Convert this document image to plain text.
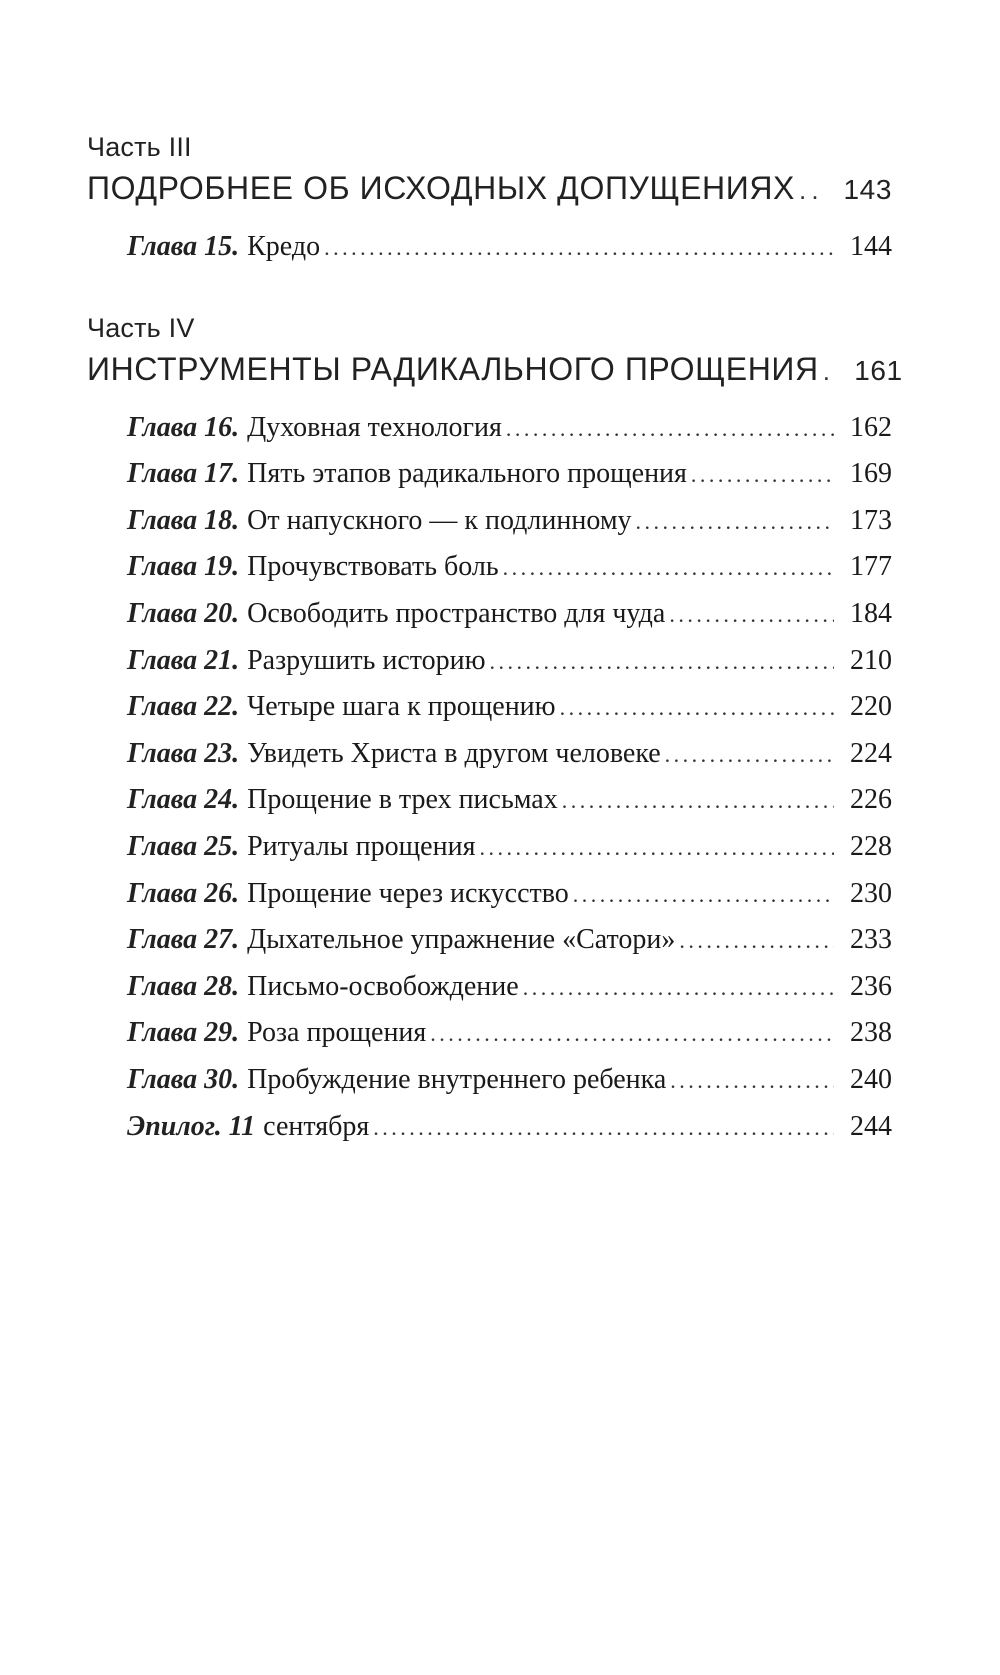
Часть III
ПОДРОБНЕЕ ОБ ИСХОДНЫХ ДОПУЩЕНИЯХ . . .	143
Глава 15. Кредо . . .	144
Часть IV
ИНСТРУМЕНТЫ РАДИКАЛЬНОГО ПРОЩЕНИЯ . . .	161
Глава 16. Духовная технология . . .	162
Глава 17. Пять этапов радикального прощения . . .	169
Глава 18. От напускного — к подлинному . . .	173
Глава 19. Прочувствовать боль . . .	177
Глава 20. Освободить пространство для чуда . . .	184
Глава 21. Разрушить историю . . .	210
Глава 22. Четыре шага к прощению . . .	220
Глава 23. Увидеть Христа в другом человеке . . .	224
Глава 24. Прощение в трех письмах . . .	226
Глава 25. Ритуалы прощения . . .	228
Глава 26. Прощение через искусство . . .	230
Глава 27. Дыхательное упражнение «Сатори» . . .	233
Глава 28. Письмо-освобождение . . .	236
Глава 29. Роза прощения . . .	238
Глава 30. Пробуждение внутреннего ребенка . . .	240
Эпилог. 11 сентября . . .	244
